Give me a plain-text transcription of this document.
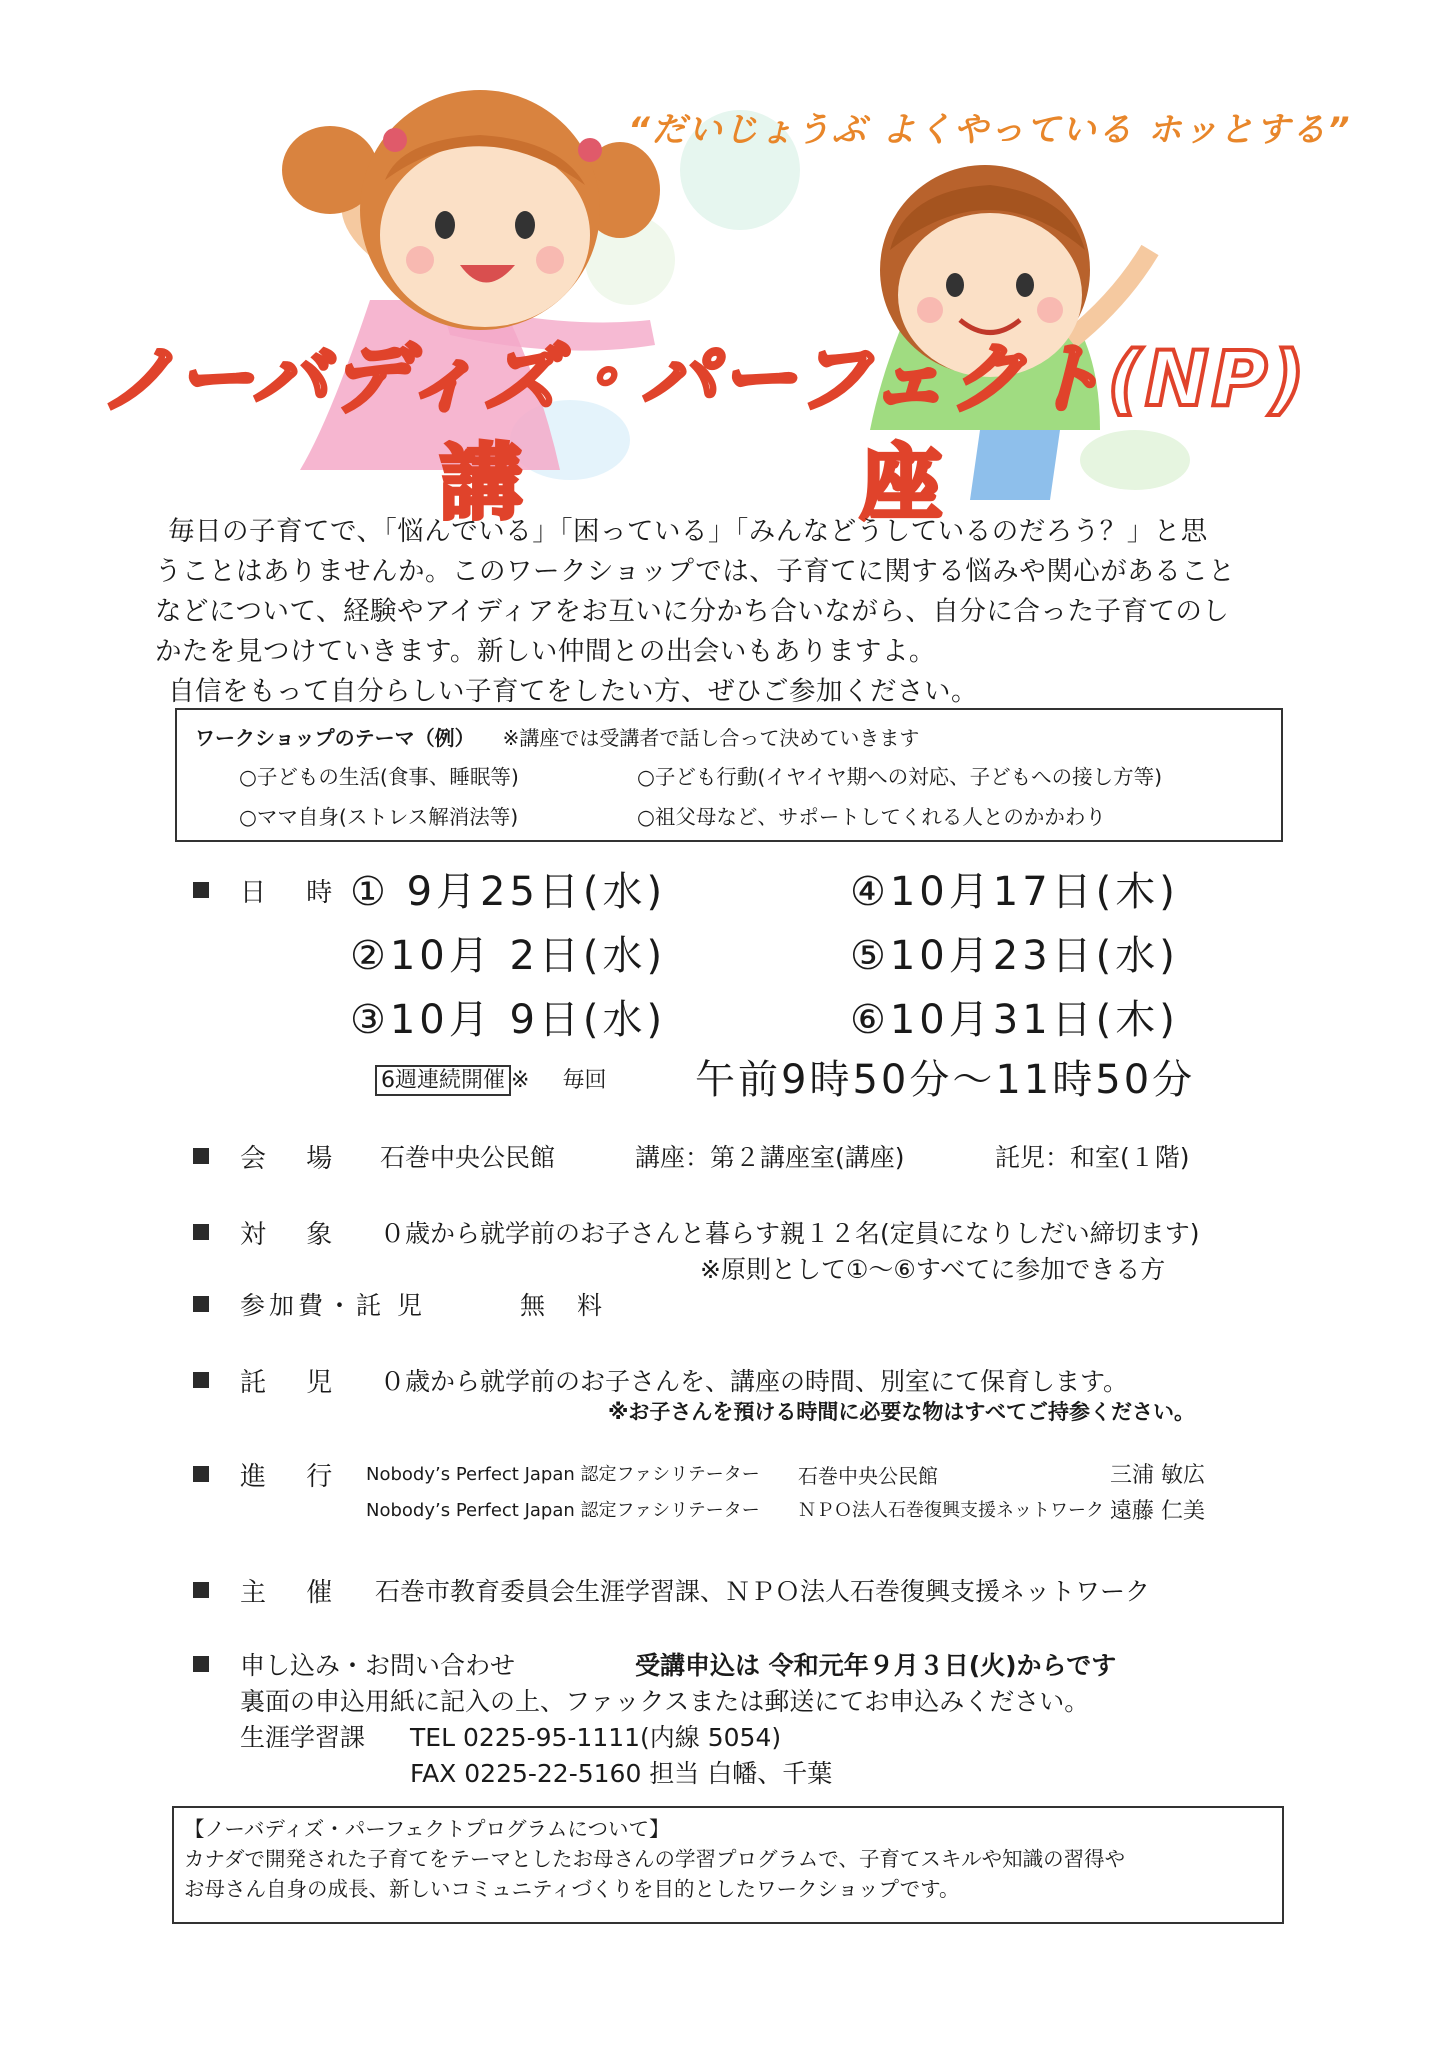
“だいじょうぶ よくやっている ホッとする”
ノーバディズ・パーフェクト(NP)
講	座

毎日の子育てで、「悩んでいる」「困っている」「みんなどうしているのだろう？」と思

うことはありませんか。このワークショップでは、子育てに関する悩みや関心があること

などについて、経験やアイディアをお互いに分かち合いながら、自分に合った子育てのし

かたを見つけていきます。新しい仲間との出会いもありますよ。

自信をもって自分らしい子育てをしたい方、ぜひご参加ください。

ワークショップのテーマ（例） ※講座では受講者で話し合って決めていきます
○子どもの生活(食事、睡眠等)	○子ども行動(イヤイヤ期への対応、子どもへの接し方等)
○ママ自身(ストレス解消法等)	○祖父母など、サポートしてくれる人とのかかわり
日 時 ① 9月25日(水)	④10月17日(木)
②10月 2日(水)	⑤10月23日(水)
③10月 9日(水)	⑥10月31日(木)
6週連続開催 ※ 毎回 午前9時50分～11時50分
会 場 石巻中央公民館	講座：第２講座室(講座)	託児：和室(１階)
対 象 ０歳から就学前のお子さんと暮らす親１２名(定員になりしだい締切ます)
※原則として①～⑥すべてに参加できる方
参加費・託 児	無 料
託 児 ０歳から就学前のお子さんを、講座の時間、別室にて保育します。
※お子さんを預ける時間に必要な物はすべてご持参ください。
進 行 Nobody’s Perfect Japan 認定ファシリテーター 石巻中央公民館	三浦 敏広
Nobody’s Perfect Japan 認定ファシリテーター ＮＰＯ法人石巻復興支援ネットワーク 遠藤 仁美
主 催 石巻市教育委員会生涯学習課、ＮＰＯ法人石巻復興支援ネットワーク
申し込み・お問い合わせ	受講申込は 令和元年９月３日(火)からです
裏面の申込用紙に記入の上、ファックスまたは郵送にてお申込みください。
生涯学習課 TEL 0225-95-1111(内線 5054)
FAX 0225-22-5160 担当 白幡、千葉

【ノーバディズ・パーフェクトプログラムについて】

カナダで開発された子育てをテーマとしたお母さんの学習プログラムで、子育てスキルや知識の習得や

お母さん自身の成長、新しいコミュニティづくりを目的としたワークショップです。
